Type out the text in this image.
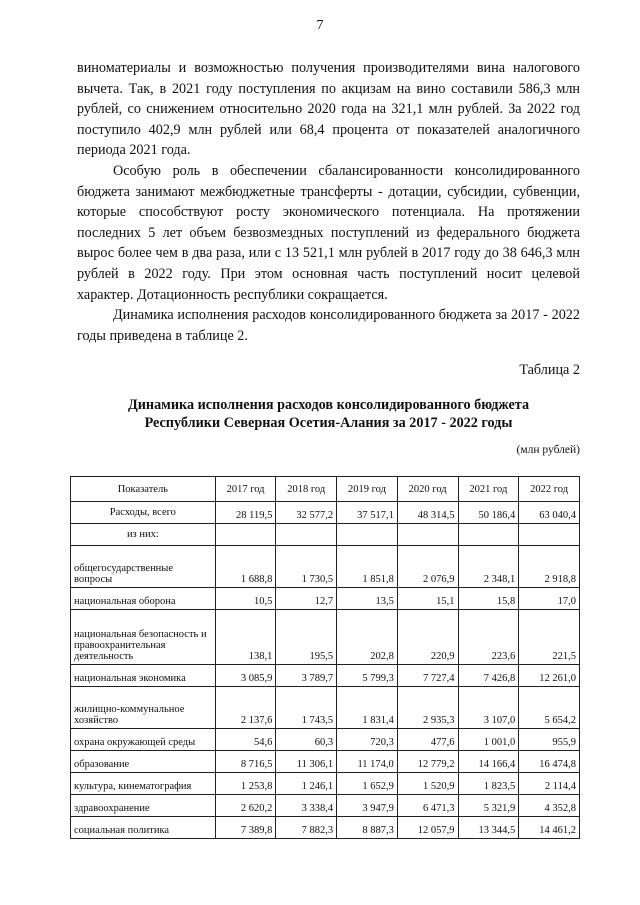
7

виноматериалы и возможностью получения производителями вина налогового вычета. Так, в 2021 году поступления по акцизам на вино составили 586,3 млн рублей, со снижением относительно 2020 года на 321,1 млн рублей. За 2022 год поступило 402,9 млн рублей или 68,4 процента от показателей аналогичного периода 2021 года.

Особую роль в обеспечении сбалансированности консолидированного бюджета занимают межбюджетные трансферты - дотации, субсидии, субвенции, которые способствуют росту экономического потенциала. На протяжении последних 5 лет объем безвозмездных поступлений из федерального бюджета вырос более чем в два раза, или с 13 521,1 млн рублей в 2017 году до 38 646,3 млн рублей в 2022 году. При этом основная часть поступлений носит целевой характер. Дотационность республики сокращается.

Динамика исполнения расходов консолидированного бюджета за 2017 - 2022 годы приведена в таблице 2.

Таблица 2
Динамика исполнения расходов консолидированного бюджета
Республики Северная Осетия-Алания за 2017 - 2022 годы
(млн рублей)
Показатель	2017 год	2018 год	2019 год	2020 год	2021 год	2022 год
Расходы, всего	28 119,5	32 577,2	37 517,1	48 314,5	50 186,4	63 040,4
из них:						
общегосударственные вопросы	1 688,8	1 730,5	1 851,8	2 076,9	2 348,1	2 918,8
национальная оборона	10,5	12,7	13,5	15,1	15,8	17,0
национальная безопасность и правоохранительная деятельность	138,1	195,5	202,8	220,9	223,6	221,5
национальная экономика	3 085,9	3 789,7	5 799,3	7 727,4	7 426,8	12 261,0
жилищно-коммунальное хозяйство	2 137,6	1 743,5	1 831,4	2 935,3	3 107,0	5 654,2
охрана окружающей среды	54,6	60,3	720,3	477,6	1 001,0	955,9
образование	8 716,5	11 306,1	11 174,0	12 779,2	14 166,4	16 474,8
культура, кинематография	1 253,8	1 246,1	1 652,9	1 520,9	1 823,5	2 114,4
здравоохранение	2 620,2	3 338,4	3 947,9	6 471,3	5 321,9	4 352,8
социальная политика	7 389,8	7 882,3	8 887,3	12 057,9	13 344,5	14 461,2
